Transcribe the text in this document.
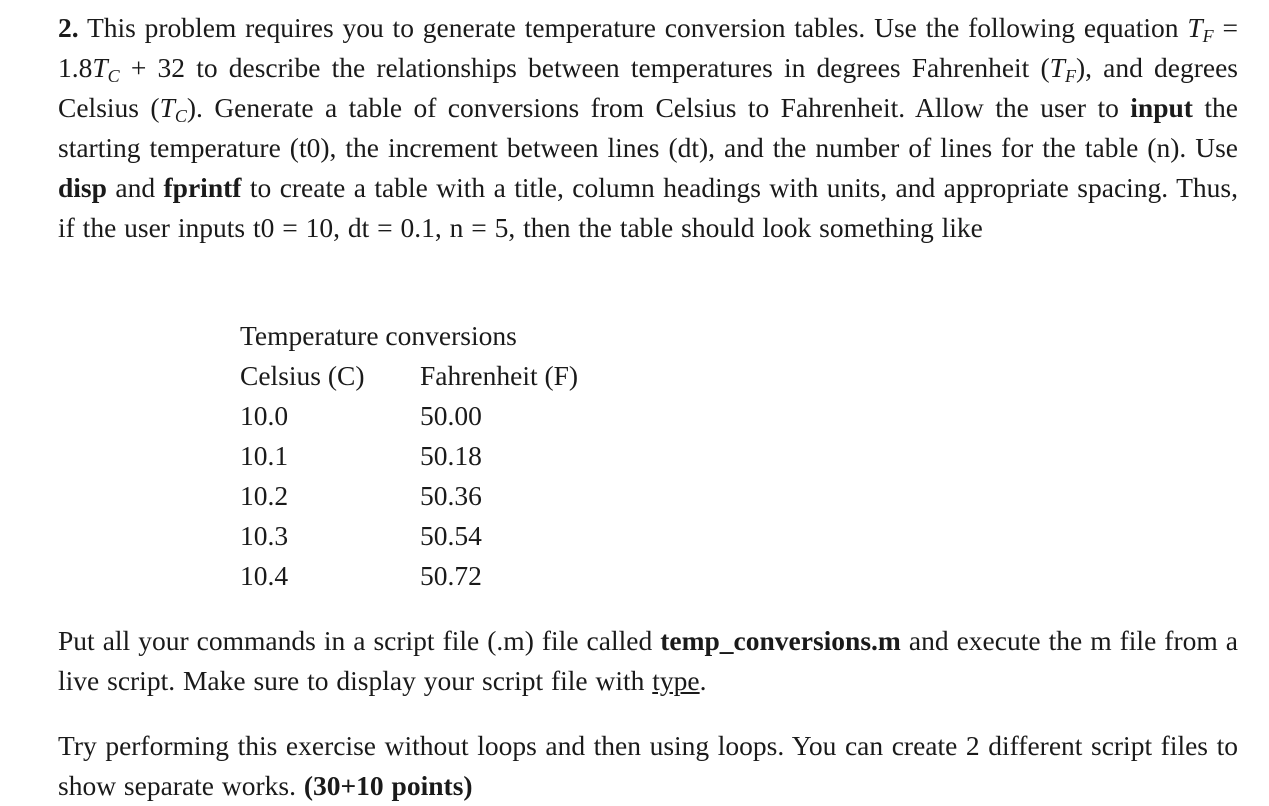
2. This problem requires you to generate temperature conversion tables. Use the following equation $T_F = 1.8T_C + 32$ to describe the relationships between temperatures in degrees Fahrenheit $(T_F)$, and degrees Celsius $(T_C)$. Generate a table of conversions from Celsius to Fahrenheit. Allow the user to input the starting temperature (t0), the increment between lines (dt), and the number of lines for the table (n). Use disp and fprintf to create a table with a title, column headings with units, and appropriate spacing. Thus, if the user inputs t0 = 10, dt = 0.1, n = 5, then the table should look something like

Temperature conversions
Celsius (C)	Fahrenheit (F)
10.0	50.00
10.1	50.18
10.2	50.36
10.3	50.54
10.4	50.72

Put all your commands in a script file (.m) file called temp_conversions.m and execute the m file from a live script. Make sure to display your script file with type.

Try performing this exercise without loops and then using loops. You can create 2 different script files to show separate works. (30+10 points)
